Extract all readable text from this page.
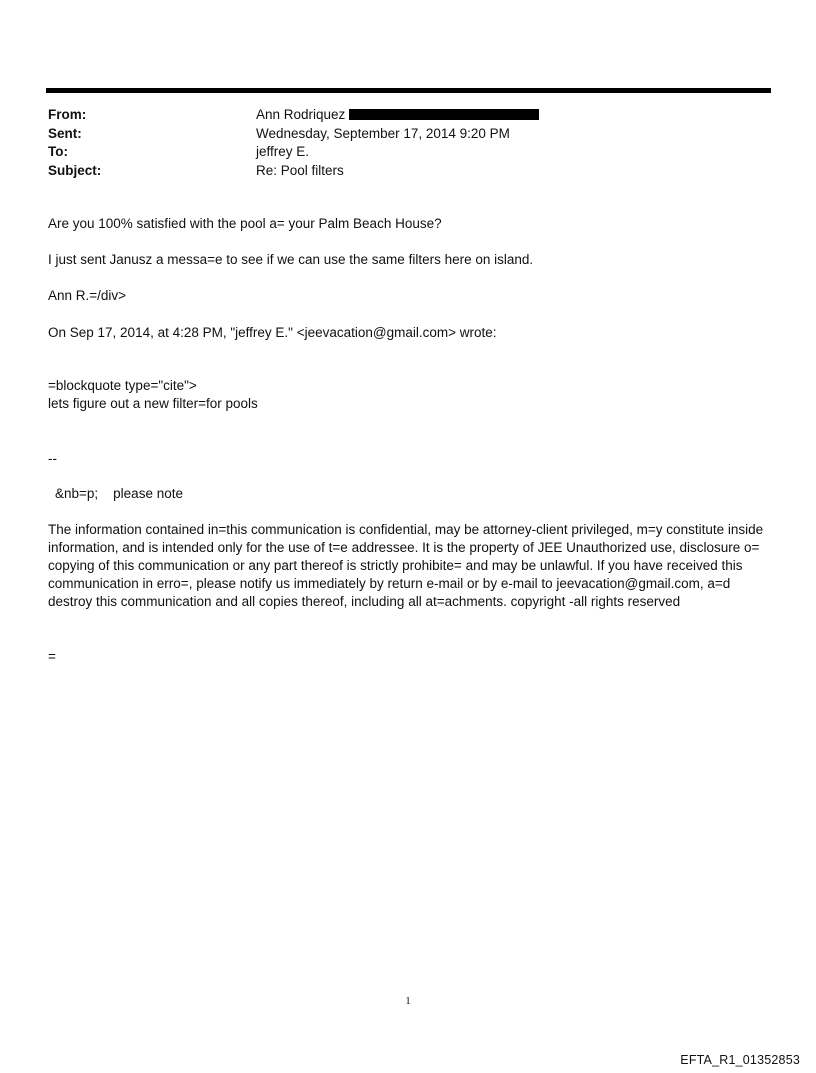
From:	Ann Rodriquez
Sent:	Wednesday, September 17, 2014 9:20 PM
To:	jeffrey E.
Subject:	Re: Pool filters

Are you 100% satisfied with the pool a= your Palm Beach House?

I just sent Janusz a messa=e to see if we can use the same filters here on island.

Ann R.=/div>

On Sep 17, 2014, at 4:28 PM, "jeffrey E." <jeevacation@gmail.com> wrote:

=blockquote type="cite">

lets figure out a new filter=for pools

--

&nb=p;    please note

The information contained in=this communication is confidential, may be attorney-client privileged, m=y constitute inside information, and is intended only for the use of t=e addressee. It is the property of JEE Unauthorized use, disclosure o= copying of this communication or any part thereof is strictly prohibite= and may be unlawful. If you have received this communication in erro=, please notify us immediately by return e-mail or by e-mail to jeevacation@gmail.com, a=d destroy this communication and all copies thereof, including all at=achments. copyright -all rights reserved

=

1
EFTA_R1_01352853
